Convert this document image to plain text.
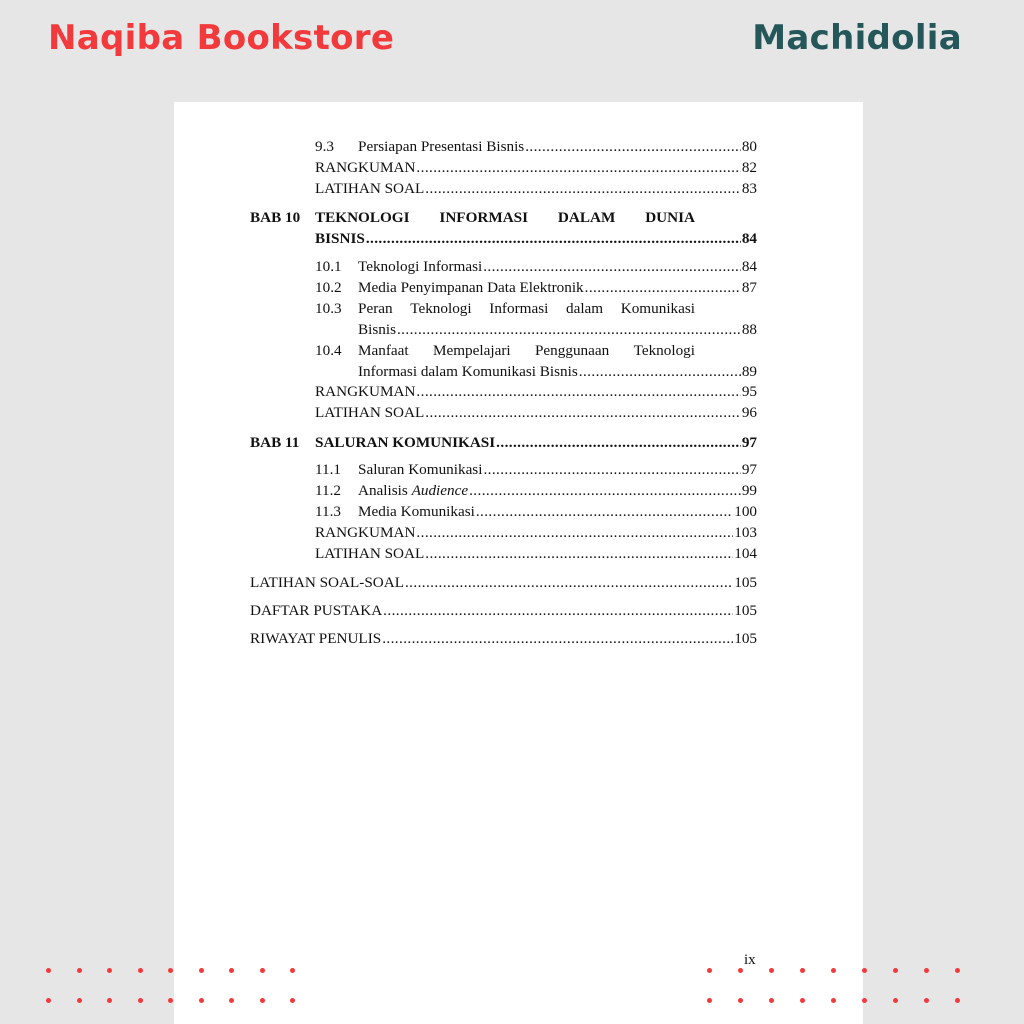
Naqiba Bookstore	Machidolia
9.3	Persiapan Presentasi Bisnis .....	80
RANGKUMAN .....	82
LATIHAN SOAL .....	83
BAB 10 TEKNOLOGI INFORMASI DALAM DUNIA
BISNIS .....	84
10.1	Teknologi Informasi .....	84
10.2	Media Penyimpanan Data Elektronik .....	87
10.3	Peran Teknologi Informasi dalam Komunikasi
Bisnis .....	88
10.4	Manfaat Mempelajari Penggunaan Teknologi
Informasi dalam Komunikasi Bisnis .....	89
RANGKUMAN .....	95
LATIHAN SOAL .....	96
BAB 11 SALURAN KOMUNIKASI .....	97
11.1	Saluran Komunikasi .....	97
11.2	Analisis Audience .....	99
11.3	Media Komunikasi .....	100
RANGKUMAN .....	103
LATIHAN SOAL .....	104
LATIHAN SOAL-SOAL .....	105
DAFTAR PUSTAKA .....	105
RIWAYAT PENULIS .....	105
ix
